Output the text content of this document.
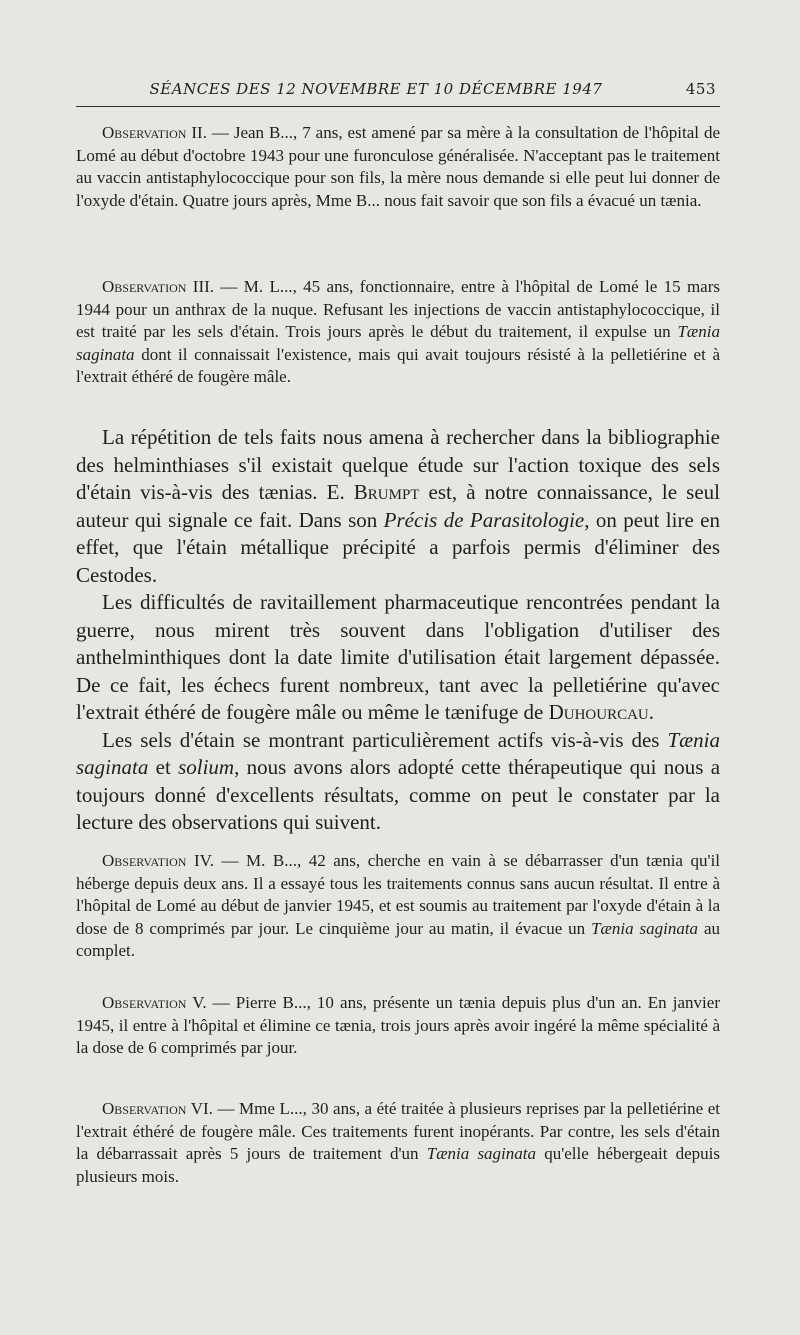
SÉANCES DES 12 NOVEMBRE ET 10 DÉCEMBRE 1947	453

Observation II. — Jean B..., 7 ans, est amené par sa mère à la consultation de l'hôpital de Lomé au début d'octobre 1943 pour une furonculose généralisée. N'acceptant pas le traitement au vaccin antistaphylococcique pour son fils, la mère nous demande si elle peut lui donner de l'oxyde d'étain. Quatre jours après, Mme B... nous fait savoir que son fils a évacué un tænia.

Observation III. — M. L..., 45 ans, fonctionnaire, entre à l'hôpital de Lomé le 15 mars 1944 pour un anthrax de la nuque. Refusant les injections de vaccin antistaphylococcique, il est traité par les sels d'étain. Trois jours après le début du traitement, il expulse un Tænia saginata dont il connaissait l'existence, mais qui avait toujours résisté à la pelletiérine et à l'extrait éthéré de fougère mâle.

La répétition de tels faits nous amena à rechercher dans la bibliographie des helminthiases s'il existait quelque étude sur l'action toxique des sels d'étain vis-à-vis des tænias. E. Brumpt est, à notre connaissance, le seul auteur qui signale ce fait. Dans son Précis de Parasitologie, on peut lire en effet, que l'étain métallique précipité a parfois permis d'éliminer des Cestodes.

Les difficultés de ravitaillement pharmaceutique rencontrées pendant la guerre, nous mirent très souvent dans l'obligation d'utiliser des anthelminthiques dont la date limite d'utilisation était largement dépassée. De ce fait, les échecs furent nombreux, tant avec la pelletiérine qu'avec l'extrait éthéré de fougère mâle ou même le tænifuge de Duhourcau.

Les sels d'étain se montrant particulièrement actifs vis-à-vis des Tænia saginata et solium, nous avons alors adopté cette thérapeutique qui nous a toujours donné d'excellents résultats, comme on peut le constater par la lecture des observations qui suivent.

Observation IV. — M. B..., 42 ans, cherche en vain à se débarrasser d'un tænia qu'il héberge depuis deux ans. Il a essayé tous les traitements connus sans aucun résultat. Il entre à l'hôpital de Lomé au début de janvier 1945, et est soumis au traitement par l'oxyde d'étain à la dose de 8 comprimés par jour. Le cinquième jour au matin, il évacue un Tænia saginata au complet.

Observation V. — Pierre B..., 10 ans, présente un tænia depuis plus d'un an. En janvier 1945, il entre à l'hôpital et élimine ce tænia, trois jours après avoir ingéré la même spécialité à la dose de 6 comprimés par jour.

Observation VI. — Mme L..., 30 ans, a été traitée à plusieurs reprises par la pelletiérine et l'extrait éthéré de fougère mâle. Ces traitements furent inopérants. Par contre, les sels d'étain la débarrassait après 5 jours de traitement d'un Tænia saginata qu'elle hébergeait depuis plusieurs mois.
